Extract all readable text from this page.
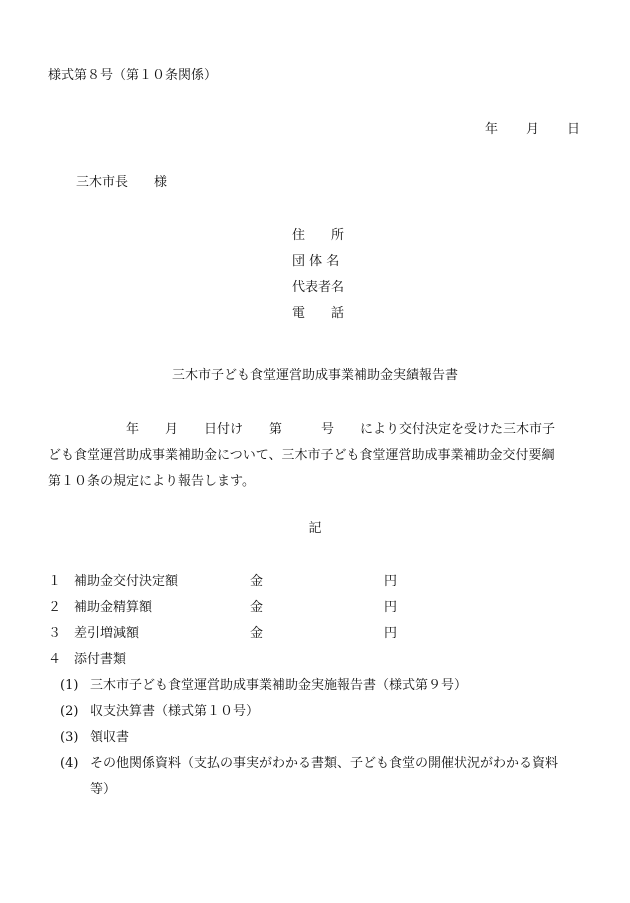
様式第８号（第１０条関係）
年 月 日
三木市長　　様
住　　所
団 体 名
代表者名
電　　話
三木市子ども食堂運営助成事業補助金実績報告書
　　　　　　年　　月　　日付け　　第　　　号　　により交付決定を受けた三木市子
ども食堂運営助成事業補助金について、三木市子ども食堂運営助成事業補助金交付要綱
第１０条の規定により報告します。
記
１ 補助金交付決定額	金	円
２ 補助金精算額	金	円
３ 差引増減額	金	円
４ 添付書類
(1) 三木市子ども食堂運営助成事業補助金実施報告書（様式第９号）
(2) 収支決算書（様式第１０号）
(3) 領収書
(4) その他関係資料（支払の事実がわかる書類、子ども食堂の開催状況がわかる資料
等）
